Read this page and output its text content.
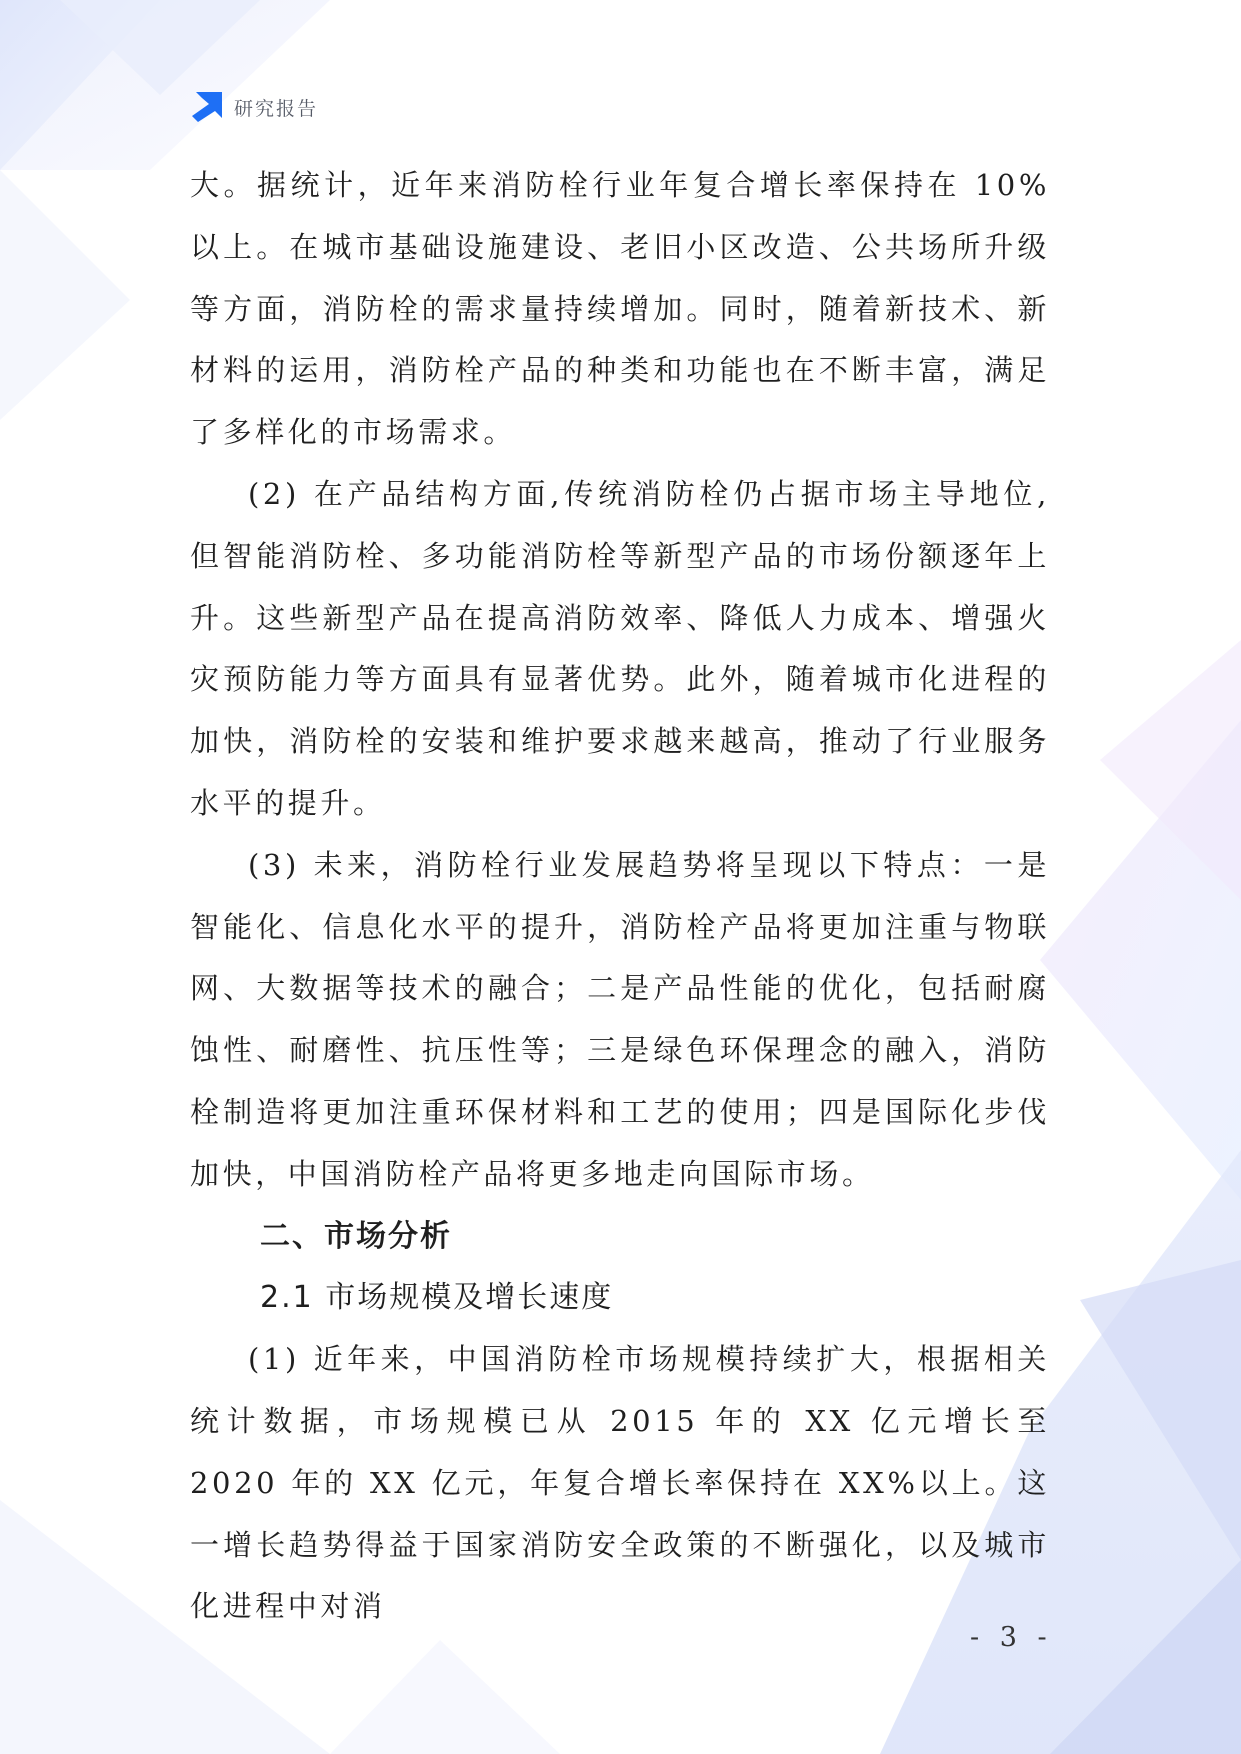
研究报告

大。据统计，近年来消防栓行业年复合增长率保持在 10%以上。在城市基础设施建设、老旧小区改造、公共场所升级等方面，消防栓的需求量持续增加。同时，随着新技术、新材料的运用，消防栓产品的种类和功能也在不断丰富，满足了多样化的市场需求。

(2) 在产品结构方面,传统消防栓仍占据市场主导地位,但智能消防栓、多功能消防栓等新型产品的市场份额逐年上升。这些新型产品在提高消防效率、降低人力成本、增强火灾预防能力等方面具有显著优势。此外，随着城市化进程的加快，消防栓的安装和维护要求越来越高，推动了行业服务水平的提升。

(3) 未来，消防栓行业发展趋势将呈现以下特点：一是智能化、信息化水平的提升，消防栓产品将更加注重与物联网、大数据等技术的融合；二是产品性能的优化，包括耐腐蚀性、耐磨性、抗压性等；三是绿色环保理念的融入，消防栓制造将更加注重环保材料和工艺的使用；四是国际化步伐加快，中国消防栓产品将更多地走向国际市场。

二、市场分析
2.1 市场规模及增长速度

(1) 近年来，中国消防栓市场规模持续扩大，根据相关统计数据，市场规模已从 2015 年的 XX 亿元增长至 2020 年的 XX 亿元，年复合增长率保持在 XX%以上。这一增长趋势得益于国家消防安全政策的不断强化，以及城市化进程中对消

- 3 -
